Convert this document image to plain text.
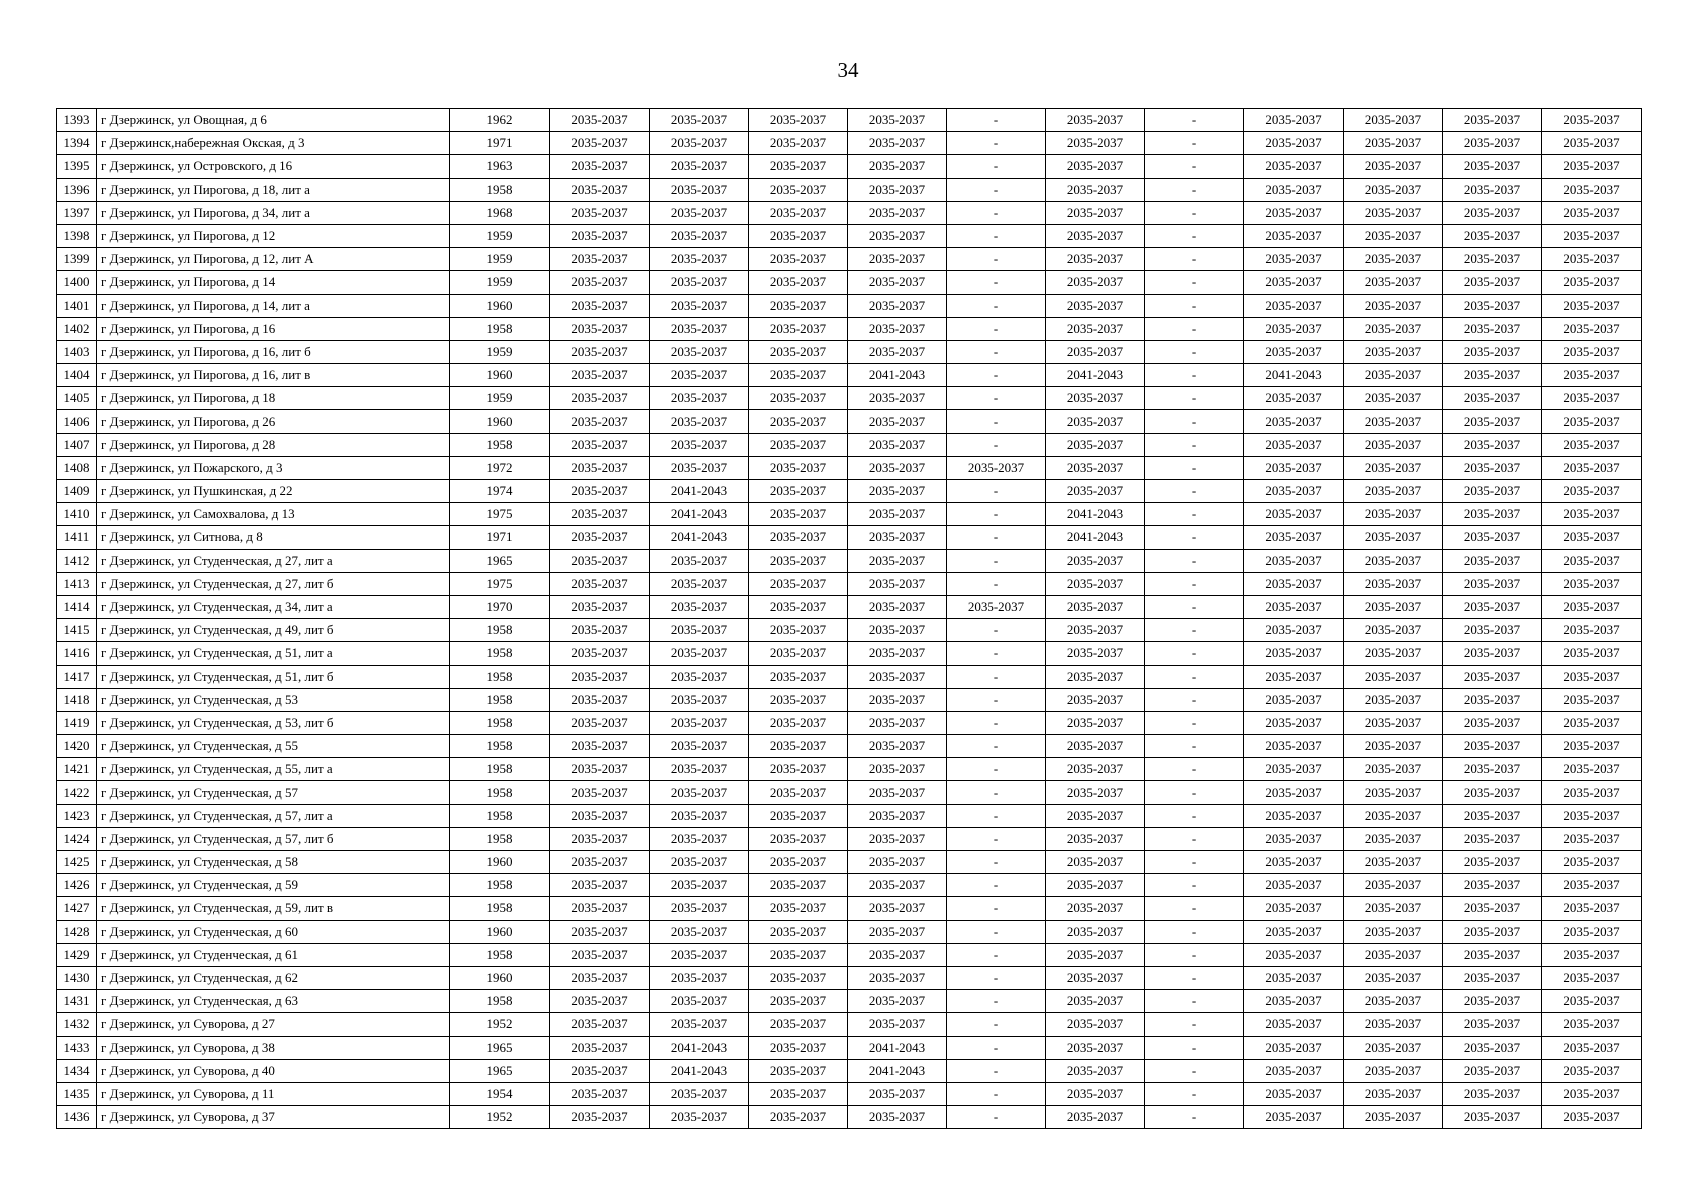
34
1393	г Дзержинск, ул Овощная, д 6	1962	2035-2037	2035-2037	2035-2037	2035-2037	-	2035-2037	-	2035-2037	2035-2037	2035-2037	2035-2037
1394	г Дзержинск,набережная Окская, д 3	1971	2035-2037	2035-2037	2035-2037	2035-2037	-	2035-2037	-	2035-2037	2035-2037	2035-2037	2035-2037
1395	г Дзержинск, ул Островского, д 16	1963	2035-2037	2035-2037	2035-2037	2035-2037	-	2035-2037	-	2035-2037	2035-2037	2035-2037	2035-2037
1396	г Дзержинск, ул Пирогова, д 18, лит а	1958	2035-2037	2035-2037	2035-2037	2035-2037	-	2035-2037	-	2035-2037	2035-2037	2035-2037	2035-2037
1397	г Дзержинск, ул Пирогова, д 34, лит а	1968	2035-2037	2035-2037	2035-2037	2035-2037	-	2035-2037	-	2035-2037	2035-2037	2035-2037	2035-2037
1398	г Дзержинск, ул Пирогова, д 12	1959	2035-2037	2035-2037	2035-2037	2035-2037	-	2035-2037	-	2035-2037	2035-2037	2035-2037	2035-2037
1399	г Дзержинск, ул Пирогова, д 12, лит А	1959	2035-2037	2035-2037	2035-2037	2035-2037	-	2035-2037	-	2035-2037	2035-2037	2035-2037	2035-2037
1400	г Дзержинск, ул Пирогова, д 14	1959	2035-2037	2035-2037	2035-2037	2035-2037	-	2035-2037	-	2035-2037	2035-2037	2035-2037	2035-2037
1401	г Дзержинск, ул Пирогова, д 14, лит а	1960	2035-2037	2035-2037	2035-2037	2035-2037	-	2035-2037	-	2035-2037	2035-2037	2035-2037	2035-2037
1402	г Дзержинск, ул Пирогова, д 16	1958	2035-2037	2035-2037	2035-2037	2035-2037	-	2035-2037	-	2035-2037	2035-2037	2035-2037	2035-2037
1403	г Дзержинск, ул Пирогова, д 16, лит б	1959	2035-2037	2035-2037	2035-2037	2035-2037	-	2035-2037	-	2035-2037	2035-2037	2035-2037	2035-2037
1404	г Дзержинск, ул Пирогова, д 16, лит в	1960	2035-2037	2035-2037	2035-2037	2041-2043	-	2041-2043	-	2041-2043	2035-2037	2035-2037	2035-2037
1405	г Дзержинск, ул Пирогова, д 18	1959	2035-2037	2035-2037	2035-2037	2035-2037	-	2035-2037	-	2035-2037	2035-2037	2035-2037	2035-2037
1406	г Дзержинск, ул Пирогова, д 26	1960	2035-2037	2035-2037	2035-2037	2035-2037	-	2035-2037	-	2035-2037	2035-2037	2035-2037	2035-2037
1407	г Дзержинск, ул Пирогова, д 28	1958	2035-2037	2035-2037	2035-2037	2035-2037	-	2035-2037	-	2035-2037	2035-2037	2035-2037	2035-2037
1408	г Дзержинск, ул Пожарского, д 3	1972	2035-2037	2035-2037	2035-2037	2035-2037	2035-2037	2035-2037	-	2035-2037	2035-2037	2035-2037	2035-2037
1409	г Дзержинск, ул Пушкинская, д 22	1974	2035-2037	2041-2043	2035-2037	2035-2037	-	2035-2037	-	2035-2037	2035-2037	2035-2037	2035-2037
1410	г Дзержинск, ул Самохвалова, д 13	1975	2035-2037	2041-2043	2035-2037	2035-2037	-	2041-2043	-	2035-2037	2035-2037	2035-2037	2035-2037
1411	г Дзержинск, ул Ситнова, д 8	1971	2035-2037	2041-2043	2035-2037	2035-2037	-	2041-2043	-	2035-2037	2035-2037	2035-2037	2035-2037
1412	г Дзержинск, ул Студенческая, д 27, лит а	1965	2035-2037	2035-2037	2035-2037	2035-2037	-	2035-2037	-	2035-2037	2035-2037	2035-2037	2035-2037
1413	г Дзержинск, ул Студенческая, д 27, лит б	1975	2035-2037	2035-2037	2035-2037	2035-2037	-	2035-2037	-	2035-2037	2035-2037	2035-2037	2035-2037
1414	г Дзержинск, ул Студенческая, д 34, лит а	1970	2035-2037	2035-2037	2035-2037	2035-2037	2035-2037	2035-2037	-	2035-2037	2035-2037	2035-2037	2035-2037
1415	г Дзержинск, ул Студенческая, д 49, лит б	1958	2035-2037	2035-2037	2035-2037	2035-2037	-	2035-2037	-	2035-2037	2035-2037	2035-2037	2035-2037
1416	г Дзержинск, ул Студенческая, д 51, лит а	1958	2035-2037	2035-2037	2035-2037	2035-2037	-	2035-2037	-	2035-2037	2035-2037	2035-2037	2035-2037
1417	г Дзержинск, ул Студенческая, д 51, лит б	1958	2035-2037	2035-2037	2035-2037	2035-2037	-	2035-2037	-	2035-2037	2035-2037	2035-2037	2035-2037
1418	г Дзержинск, ул Студенческая, д 53	1958	2035-2037	2035-2037	2035-2037	2035-2037	-	2035-2037	-	2035-2037	2035-2037	2035-2037	2035-2037
1419	г Дзержинск, ул Студенческая, д 53, лит б	1958	2035-2037	2035-2037	2035-2037	2035-2037	-	2035-2037	-	2035-2037	2035-2037	2035-2037	2035-2037
1420	г Дзержинск, ул Студенческая, д 55	1958	2035-2037	2035-2037	2035-2037	2035-2037	-	2035-2037	-	2035-2037	2035-2037	2035-2037	2035-2037
1421	г Дзержинск, ул Студенческая, д 55, лит а	1958	2035-2037	2035-2037	2035-2037	2035-2037	-	2035-2037	-	2035-2037	2035-2037	2035-2037	2035-2037
1422	г Дзержинск, ул Студенческая, д 57	1958	2035-2037	2035-2037	2035-2037	2035-2037	-	2035-2037	-	2035-2037	2035-2037	2035-2037	2035-2037
1423	г Дзержинск, ул Студенческая, д 57, лит а	1958	2035-2037	2035-2037	2035-2037	2035-2037	-	2035-2037	-	2035-2037	2035-2037	2035-2037	2035-2037
1424	г Дзержинск, ул Студенческая, д 57, лит б	1958	2035-2037	2035-2037	2035-2037	2035-2037	-	2035-2037	-	2035-2037	2035-2037	2035-2037	2035-2037
1425	г Дзержинск, ул Студенческая, д 58	1960	2035-2037	2035-2037	2035-2037	2035-2037	-	2035-2037	-	2035-2037	2035-2037	2035-2037	2035-2037
1426	г Дзержинск, ул Студенческая, д 59	1958	2035-2037	2035-2037	2035-2037	2035-2037	-	2035-2037	-	2035-2037	2035-2037	2035-2037	2035-2037
1427	г Дзержинск, ул Студенческая, д 59, лит в	1958	2035-2037	2035-2037	2035-2037	2035-2037	-	2035-2037	-	2035-2037	2035-2037	2035-2037	2035-2037
1428	г Дзержинск, ул Студенческая, д 60	1960	2035-2037	2035-2037	2035-2037	2035-2037	-	2035-2037	-	2035-2037	2035-2037	2035-2037	2035-2037
1429	г Дзержинск, ул Студенческая, д 61	1958	2035-2037	2035-2037	2035-2037	2035-2037	-	2035-2037	-	2035-2037	2035-2037	2035-2037	2035-2037
1430	г Дзержинск, ул Студенческая, д 62	1960	2035-2037	2035-2037	2035-2037	2035-2037	-	2035-2037	-	2035-2037	2035-2037	2035-2037	2035-2037
1431	г Дзержинск, ул Студенческая, д 63	1958	2035-2037	2035-2037	2035-2037	2035-2037	-	2035-2037	-	2035-2037	2035-2037	2035-2037	2035-2037
1432	г Дзержинск, ул Суворова, д 27	1952	2035-2037	2035-2037	2035-2037	2035-2037	-	2035-2037	-	2035-2037	2035-2037	2035-2037	2035-2037
1433	г Дзержинск, ул Суворова, д 38	1965	2035-2037	2041-2043	2035-2037	2041-2043	-	2035-2037	-	2035-2037	2035-2037	2035-2037	2035-2037
1434	г Дзержинск, ул Суворова, д 40	1965	2035-2037	2041-2043	2035-2037	2041-2043	-	2035-2037	-	2035-2037	2035-2037	2035-2037	2035-2037
1435	г Дзержинск, ул Суворова, д 11	1954	2035-2037	2035-2037	2035-2037	2035-2037	-	2035-2037	-	2035-2037	2035-2037	2035-2037	2035-2037
1436	г Дзержинск, ул Суворова, д 37	1952	2035-2037	2035-2037	2035-2037	2035-2037	-	2035-2037	-	2035-2037	2035-2037	2035-2037	2035-2037
